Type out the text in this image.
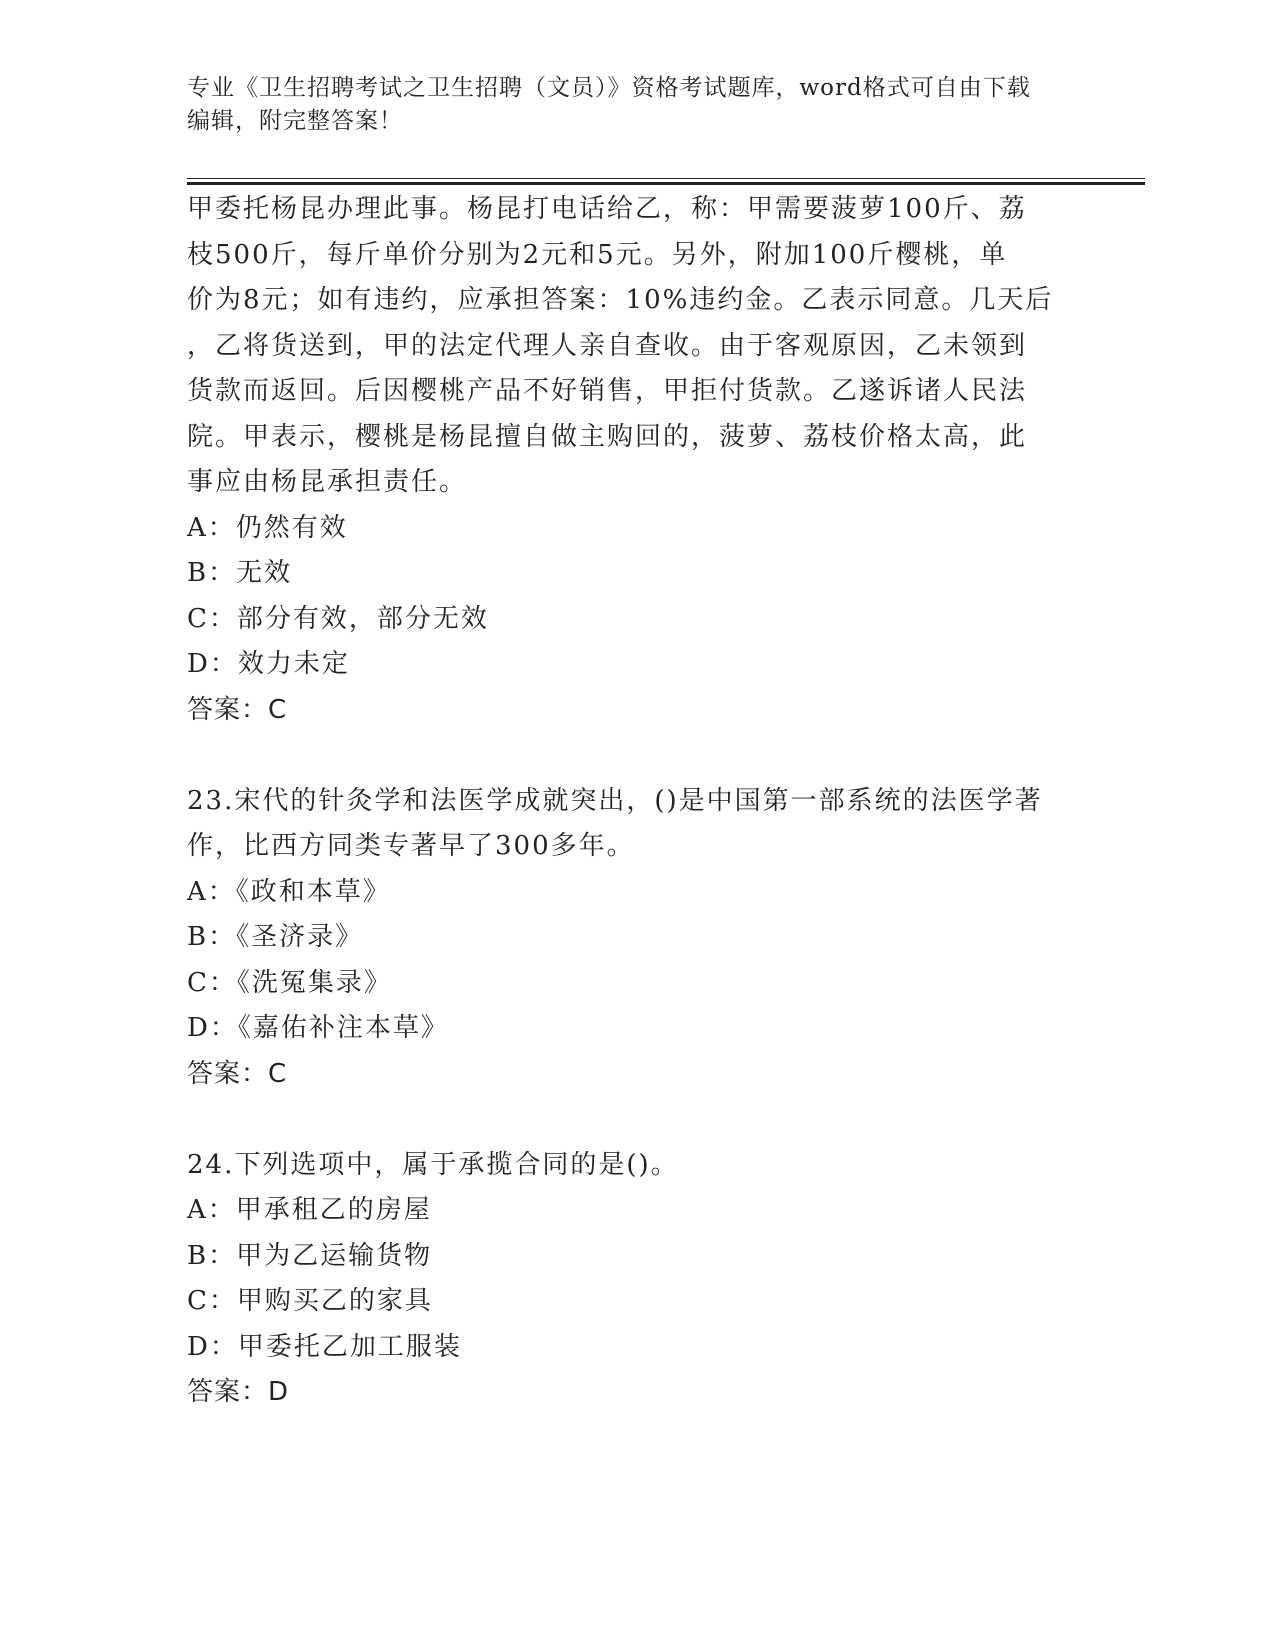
专业《卫生招聘考试之卫生招聘（文员）》资格考试题库，word格式可自由下载
编辑，附完整答案！
甲委托杨昆办理此事。杨昆打电话给乙，称：甲需要菠萝100斤、荔
枝500斤，每斤单价分别为2元和5元。另外，附加100斤樱桃，单
价为8元；如有违约，应承担答案：10%违约金。乙表示同意。几天后
，乙将货送到，甲的法定代理人亲自查收。由于客观原因，乙未领到
货款而返回。后因樱桃产品不好销售，甲拒付货款。乙遂诉诸人民法
院。甲表示，樱桃是杨昆擅自做主购回的，菠萝、荔枝价格太高，此
事应由杨昆承担责任。
A：仍然有效
B：无效
C：部分有效，部分无效
D：效力未定
答案：C
23.宋代的针灸学和法医学成就突出，()是中国第一部系统的法医学著
作，比西方同类专著早了300多年。
A：《政和本草》
B：《圣济录》
C：《洗冤集录》
D：《嘉佑补注本草》
答案：C
24.下列选项中，属于承揽合同的是()。
A：甲承租乙的房屋
B：甲为乙运输货物
C：甲购买乙的家具
D：甲委托乙加工服装
答案：D
